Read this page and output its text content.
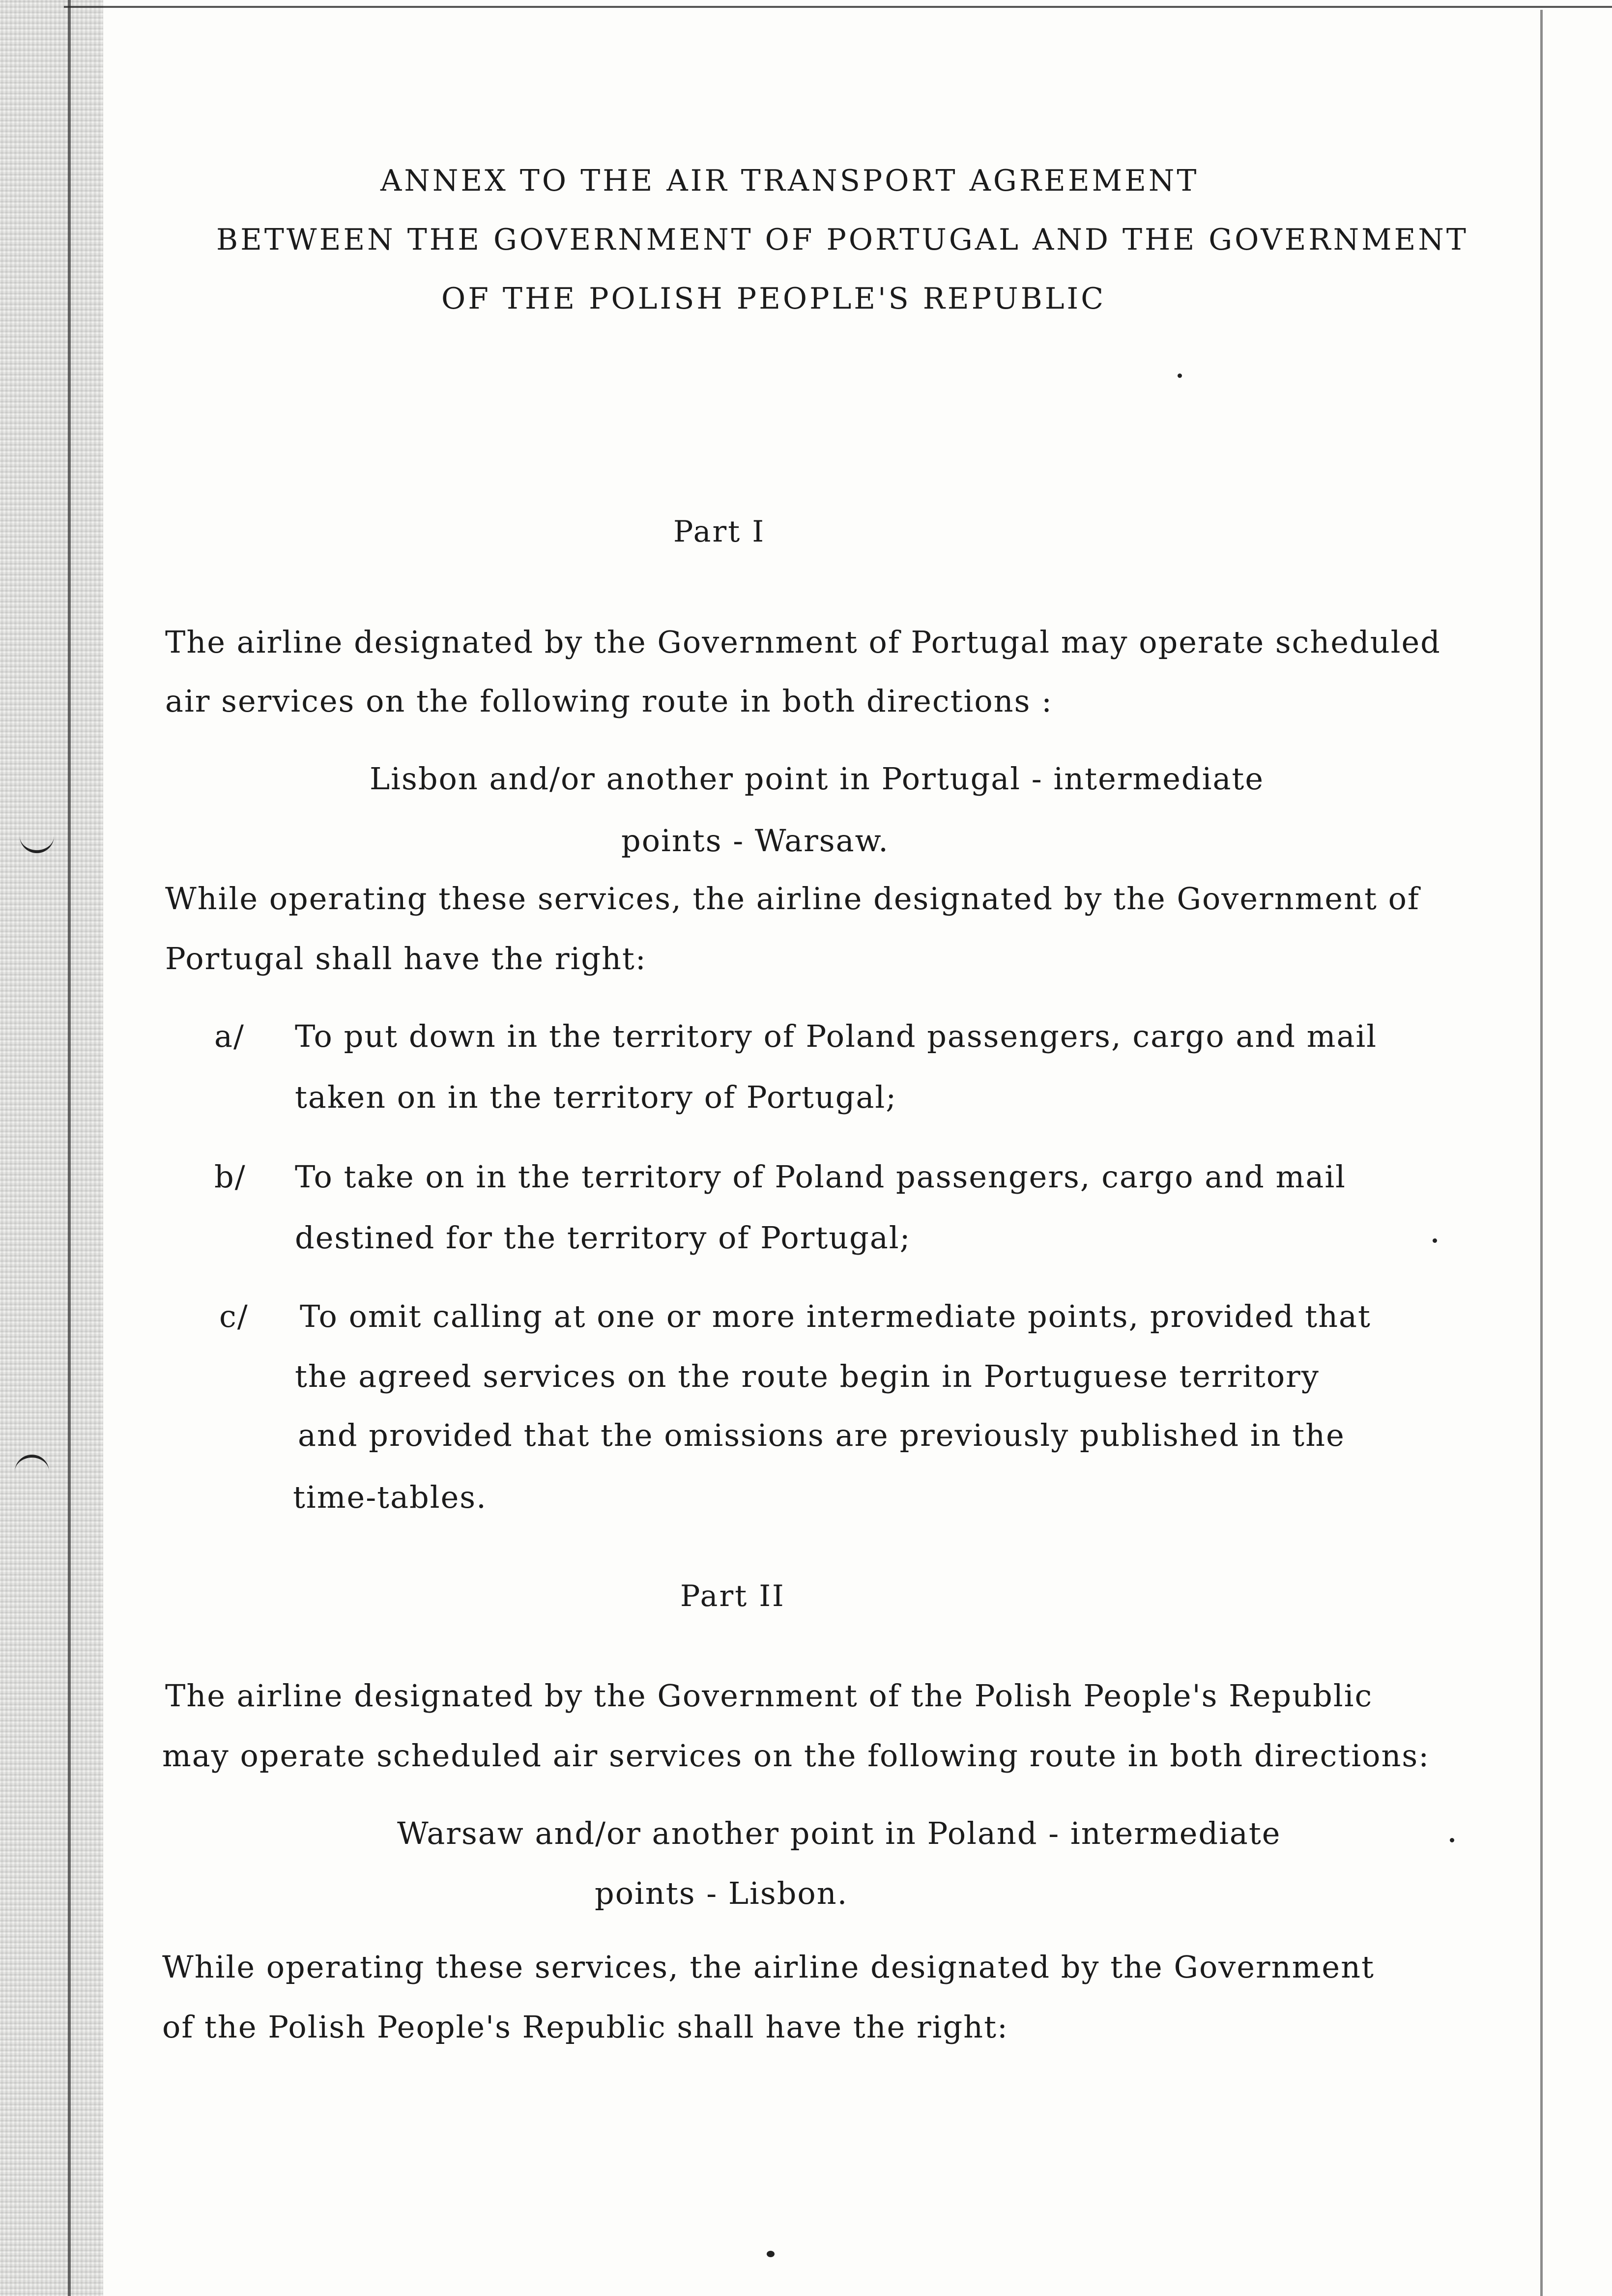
ANNEX TO THE AIR TRANSPORT AGREEMENT
BETWEEN THE GOVERNMENT OF PORTUGAL AND THE GOVERNMENT
OF THE POLISH PEOPLE'S REPUBLIC
Part I
The airline designated by the Government of Portugal may operate scheduled
air services on the following route in both directions :
Lisbon and/or another point in Portugal - intermediate
points - Warsaw.
While operating these services, the airline designated by the Government of
Portugal shall have the right:
a/ To put down in the territory of Poland passengers, cargo and mail
taken on in the territory of Portugal;
b/ To take on in the territory of Poland passengers, cargo and mail
destined for the territory of Portugal;
c/ To omit calling at one or more intermediate points, provided that
the agreed services on the route begin in Portuguese territory
and provided that the omissions are previously published in the
time-tables.
Part II
The airline designated by the Government of the Polish People's Republic
may operate scheduled air services on the following route in both directions:
Warsaw and/or another point in Poland - intermediate
points - Lisbon.
While operating these services, the airline designated by the Government
of the Polish People's Republic shall have the right:
